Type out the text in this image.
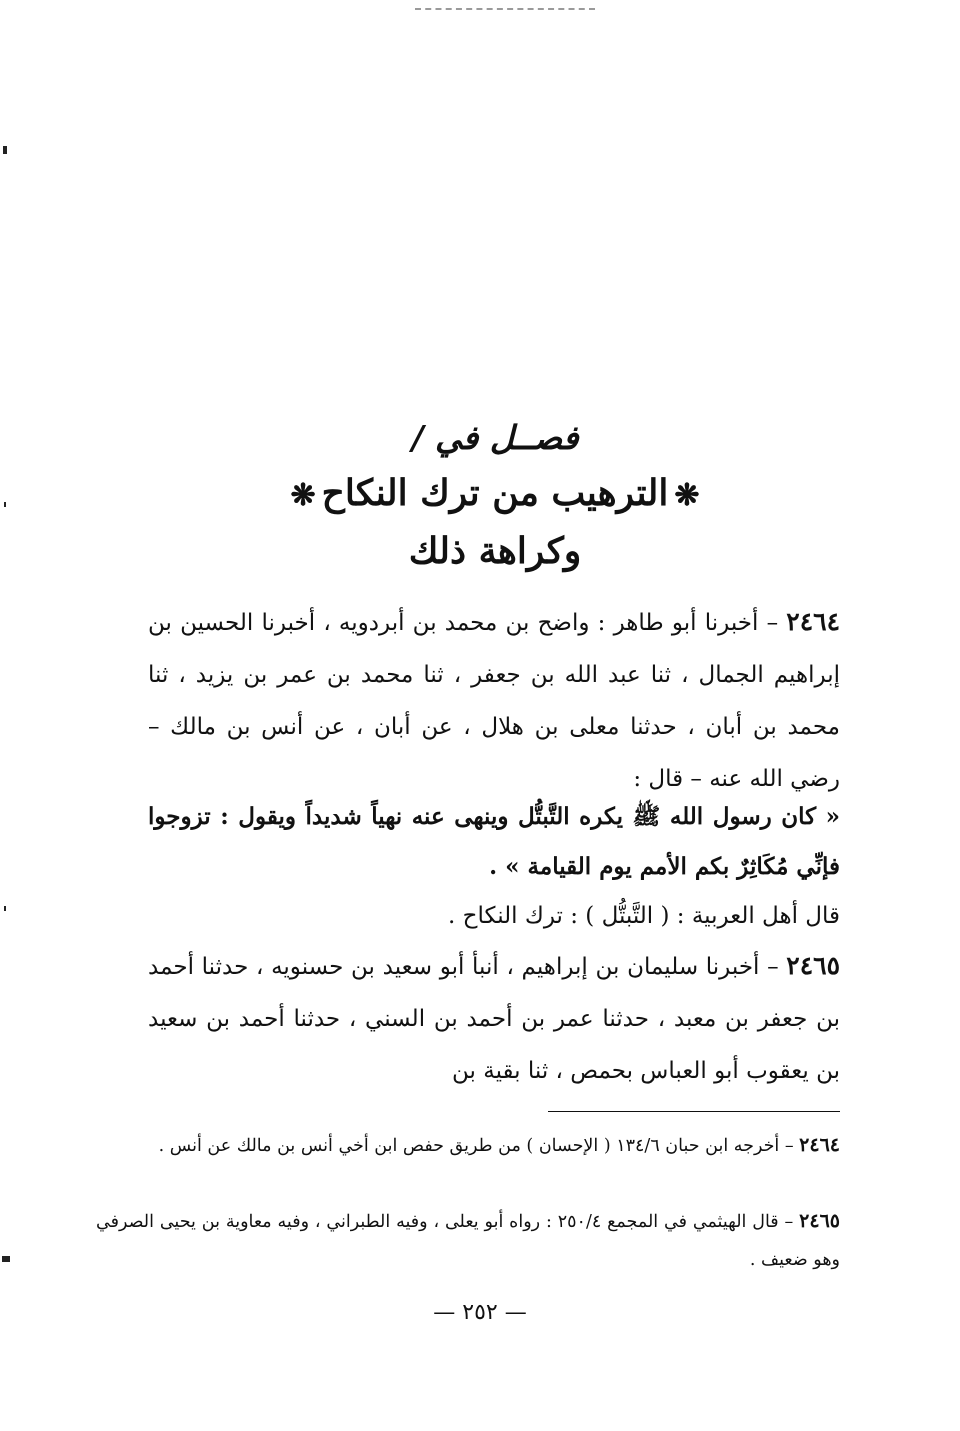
فصــل في /
❋الترهيب من ترك النكاح❋
وكراهة ذلك
٢٤٦٤ – أخبرنا أبو طاهر : واضح بن محمد بن أبردويه ، أخبرنا الحسين بن إبراهيم الجمال ، ثنا عبد الله بن جعفر ، ثنا محمد بن عمر بن يزيد ، ثنا محمد بن أبان ، حدثنا معلى بن هلال ، عن أبان ، عن أنس بن مالك – رضي الله عنه – قال :
« كان رسول الله ﷺ يكره التَّبتُّل وينهى عنه نهياً شديداً ويقول : تزوجوا فإنِّي مُكَاثِرٌ بكم الأمم يوم القيامة » .
قال أهل العربية : ( التَّبتُّل ) : ترك النكاح .
٢٤٦٥ – أخبرنا سليمان بن إبراهيم ، أنبأ أبو سعيد بن حسنويه ، حدثنا أحمد بن جعفر بن معبد ، حدثنا عمر بن أحمد بن السني ، حدثنا أحمد بن سعيد بن يعقوب أبو العباس بحمص ، ثنا بقية بن
٢٤٦٤ – أخرجه ابن حبان ١٣٤/٦ ( الإحسان ) من طريق حفص ابن أخي أنس بن مالك عن أنس .
٢٤٦٥ – قال الهيثمي في المجمع ٢٥٠/٤ : رواه أبو يعلى ، وفيه الطبراني ، وفيه معاوية بن يحيى الصرفي وهو ضعيف .
— ٢٥٢ —
